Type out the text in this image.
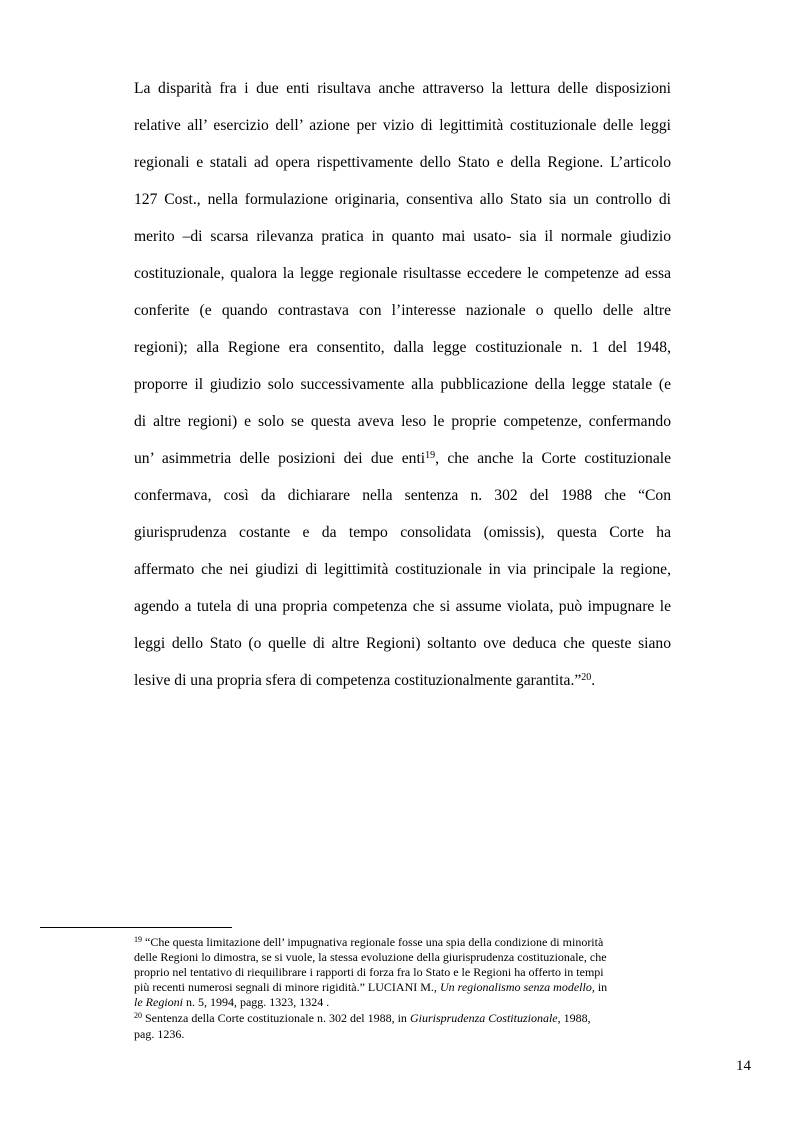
La disparità fra i due enti risultava anche attraverso la lettura delle disposizioni
relative all’ esercizio dell’ azione per vizio di legittimità costituzionale delle leggi
regionali e statali ad opera rispettivamente dello Stato e della Regione. L’articolo
127 Cost., nella formulazione originaria, consentiva allo Stato sia un controllo di
merito –di scarsa rilevanza pratica in quanto mai usato- sia il normale giudizio
costituzionale, qualora la legge regionale risultasse eccedere le competenze ad essa
conferite (e quando contrastava con l’interesse nazionale o quello delle altre
regioni); alla Regione era consentito, dalla legge costituzionale n. 1 del 1948,
proporre il giudizio solo successivamente alla pubblicazione della legge statale (e
di altre regioni) e solo se questa aveva leso le proprie competenze, confermando
un’ asimmetria delle posizioni dei due enti$^{19}$, che anche la Corte costituzionale
confermava, così da dichiarare nella sentenza n. 302 del 1988 che “Con
giurisprudenza costante e da tempo consolidata (omissis), questa Corte ha
affermato che nei giudizi di legittimità costituzionale in via principale la regione,
agendo a tutela di una propria competenza che si assume violata, può impugnare le
leggi dello Stato (o quelle di altre Regioni) soltanto ove deduca che queste siano
lesive di una propria sfera di competenza costituzionalmente garantita.”$^{20}$.
$^{19}$ “Che questa limitazione dell’ impugnativa regionale fosse una spia della condizione di minorità
delle Regioni lo dimostra, se si vuole, la stessa evoluzione della giurisprudenza costituzionale, che
proprio nel tentativo di riequilibrare i rapporti di forza fra lo Stato e le Regioni ha offerto in tempi
più recenti numerosi segnali di minore rigidità.” LUCIANI M., Un regionalismo senza modello, in
le Regioni n. 5, 1994, pagg. 1323, 1324 .
$^{20}$ Sentenza della Corte costituzionale n. 302 del 1988, in Giurisprudenza Costituzionale, 1988,
pag. 1236.
14
